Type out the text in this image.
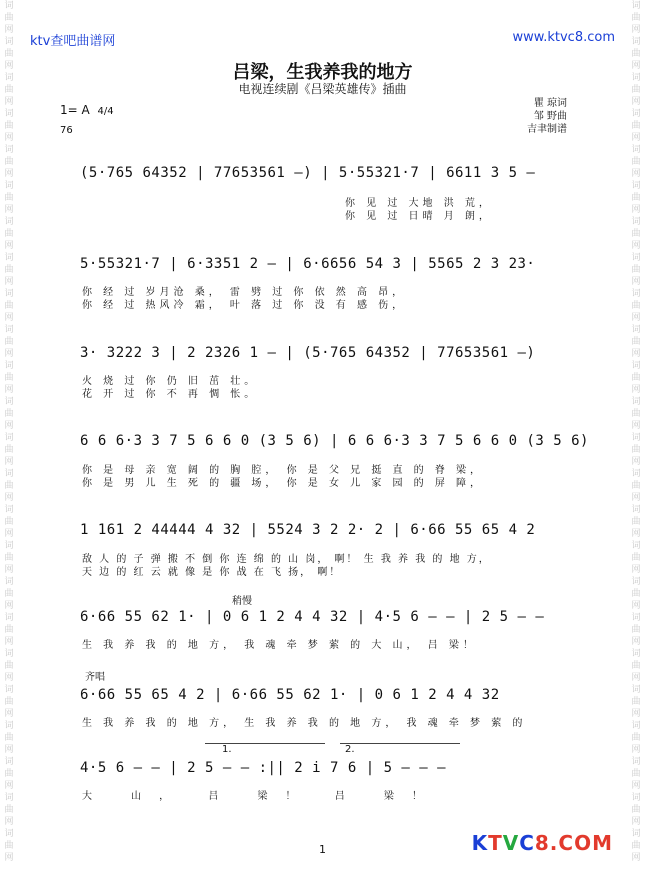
词
曲
网
词
曲
网
词
曲
网
词
曲
网
词
曲
网
词
曲
网
词
曲
网
词
曲
网
词
曲
网
词
曲
网
词
曲
网
词
曲
网
词
曲
网
词
曲
网
词
曲
网
词
曲
网
词
曲
网
词
曲
网
词
曲
网
词
曲
网
词
曲
网
词
曲
网
词
曲
网
词
曲
网
词
曲
网
词
曲
网
词
曲
网
词
曲
网
词
曲
网
词
曲
网
词
曲
网
词
曲
网
词
曲
网
词
曲
网
词
曲
网
词
曲
网
词
曲
网
词
曲
网
词
曲
网
词
曲
网
词
曲
网
词
曲
网
词
曲
网
词
曲
网
词
曲
网
词
曲
网
词
曲
网
词
曲
网
ktv查吧曲谱网	www.ktvc8.com
吕梁，生我养我的地方
电视连续剧《吕梁英雄传》插曲
1= A 4/4
76
瞿 琼词
邹 野曲
吉聿制谱
(5·765 64352 | 77653561 –) | 5·55321·7 | 6611 3 5 –
你 见 过 大地 洪 荒，
你 见 过 日晴 月 朗，
5·55321·7 | 6·3351 2 – | 6·6656 54 3 | 5565 2 3 23·
你 经 过 岁月沧 桑， 雷 劈 过 你 依 然 高 昂，
你 经 过 热风冷 霜， 叶 落 过 你 没 有 感 伤，
3· 3222 3 | 2 2326 1 – | (5·765 64352 | 77653561 –)
火 烧 过 你 仍 旧 茁 壮。
花 开 过 你 不 再 惆 怅。
6 6 6·3 3 7 5 6 6 0 (3 5 6) | 6 6 6·3 3 7 5 6 6 0 (3 5 6)
你 是 母 亲 宽 阔 的 胸 腔， 你 是 父 兄 挺 直 的 脊 梁，
你 是 男 儿 生 死 的 疆 场， 你 是 女 儿 家 园 的 屏 障，
1 161 2 44444 4 32 | 5524 3 2 2· 2 | 6·66 55 65 4 2
敌 人 的 子 弹 搬 不 倒 你 连 绵 的 山 岗， 啊！ 生 我 养 我 的 地 方，
天 边 的 红 云 就 像 是 你 战 在 飞 扬， 啊！
稍慢
6·66 55 62 1· | 0 6 1 2 4 4 32 | 4·5 6 – – | 2 5 – –
生 我 养 我 的 地 方， 我 魂 牵 梦 萦 的 大 山， 吕 梁！
齐唱
6·66 55 65 4 2 | 6·66 55 62 1· | 0 6 1 2 4 4 32
生 我 养 我 的 地 方， 生 我 养 我 的 地 方， 我 魂 牵 梦 萦 的
1.	2.
4·5 6 – – | 2 5 – – :|| 2 i 7 6 | 5 – – –
大 山， 吕 梁！ 吕 梁！
1	KTVC8.COM
